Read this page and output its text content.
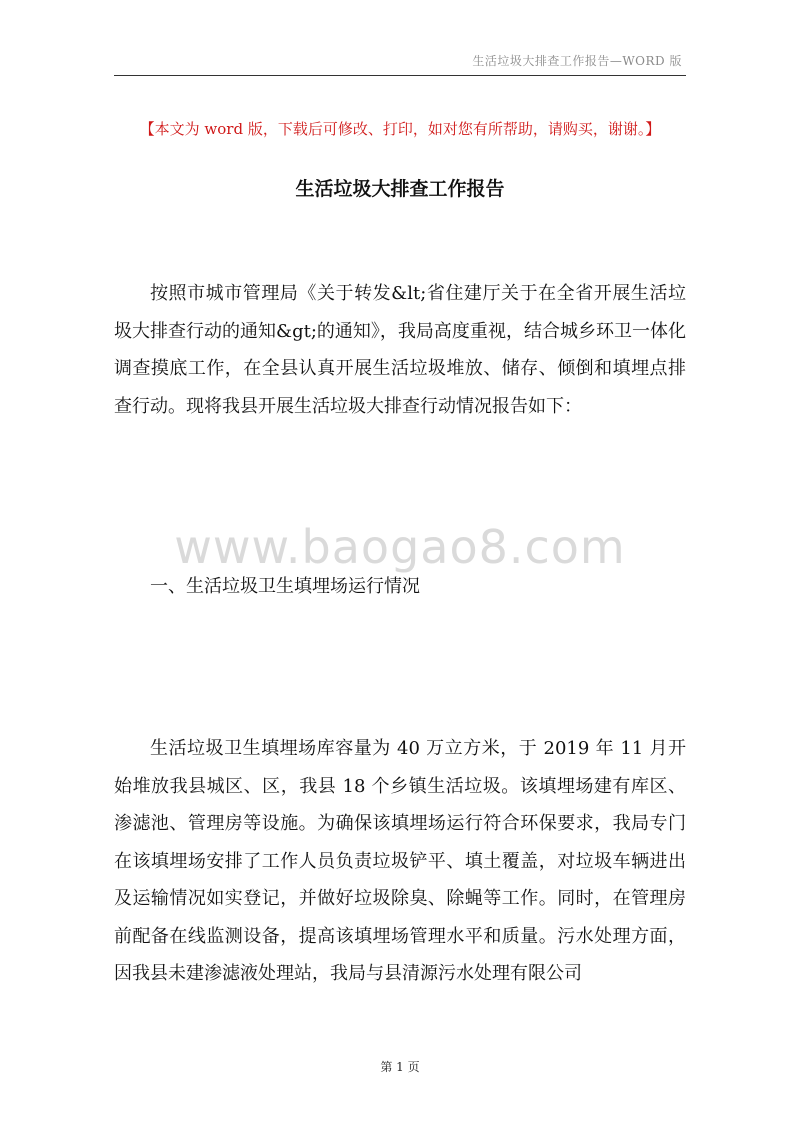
生活垃圾大排查工作报告—WORD 版
【本文为 word 版，下载后可修改、打印，如对您有所帮助，请购买，谢谢。】
生活垃圾大排查工作报告

按照市城市管理局《关于转发&lt;省住建厅关于在全省开展生活垃圾大排查行动的通知&gt;的通知》，我局高度重视，结合城乡环卫一体化调查摸底工作，在全县认真开展生活垃圾堆放、储存、倾倒和填埋点排查行动。现将我县开展生活垃圾大排查行动情况报告如下：

www.baogao8.com
一、生活垃圾卫生填埋场运行情况

生活垃圾卫生填埋场库容量为 40 万立方米，于 2019 年 11 月开始堆放我县城区、区，我县 18 个乡镇生活垃圾。该填埋场建有库区、渗滤池、管理房等设施。为确保该填埋场运行符合环保要求，我局专门在该填埋场安排了工作人员负责垃圾铲平、填土覆盖，对垃圾车辆进出及运输情况如实登记，并做好垃圾除臭、除蝇等工作。同时，在管理房前配备在线监测设备，提高该填埋场管理水平和质量。污水处理方面，因我县未建渗滤液处理站，我局与县清源污水处理有限公司

第 1 页
